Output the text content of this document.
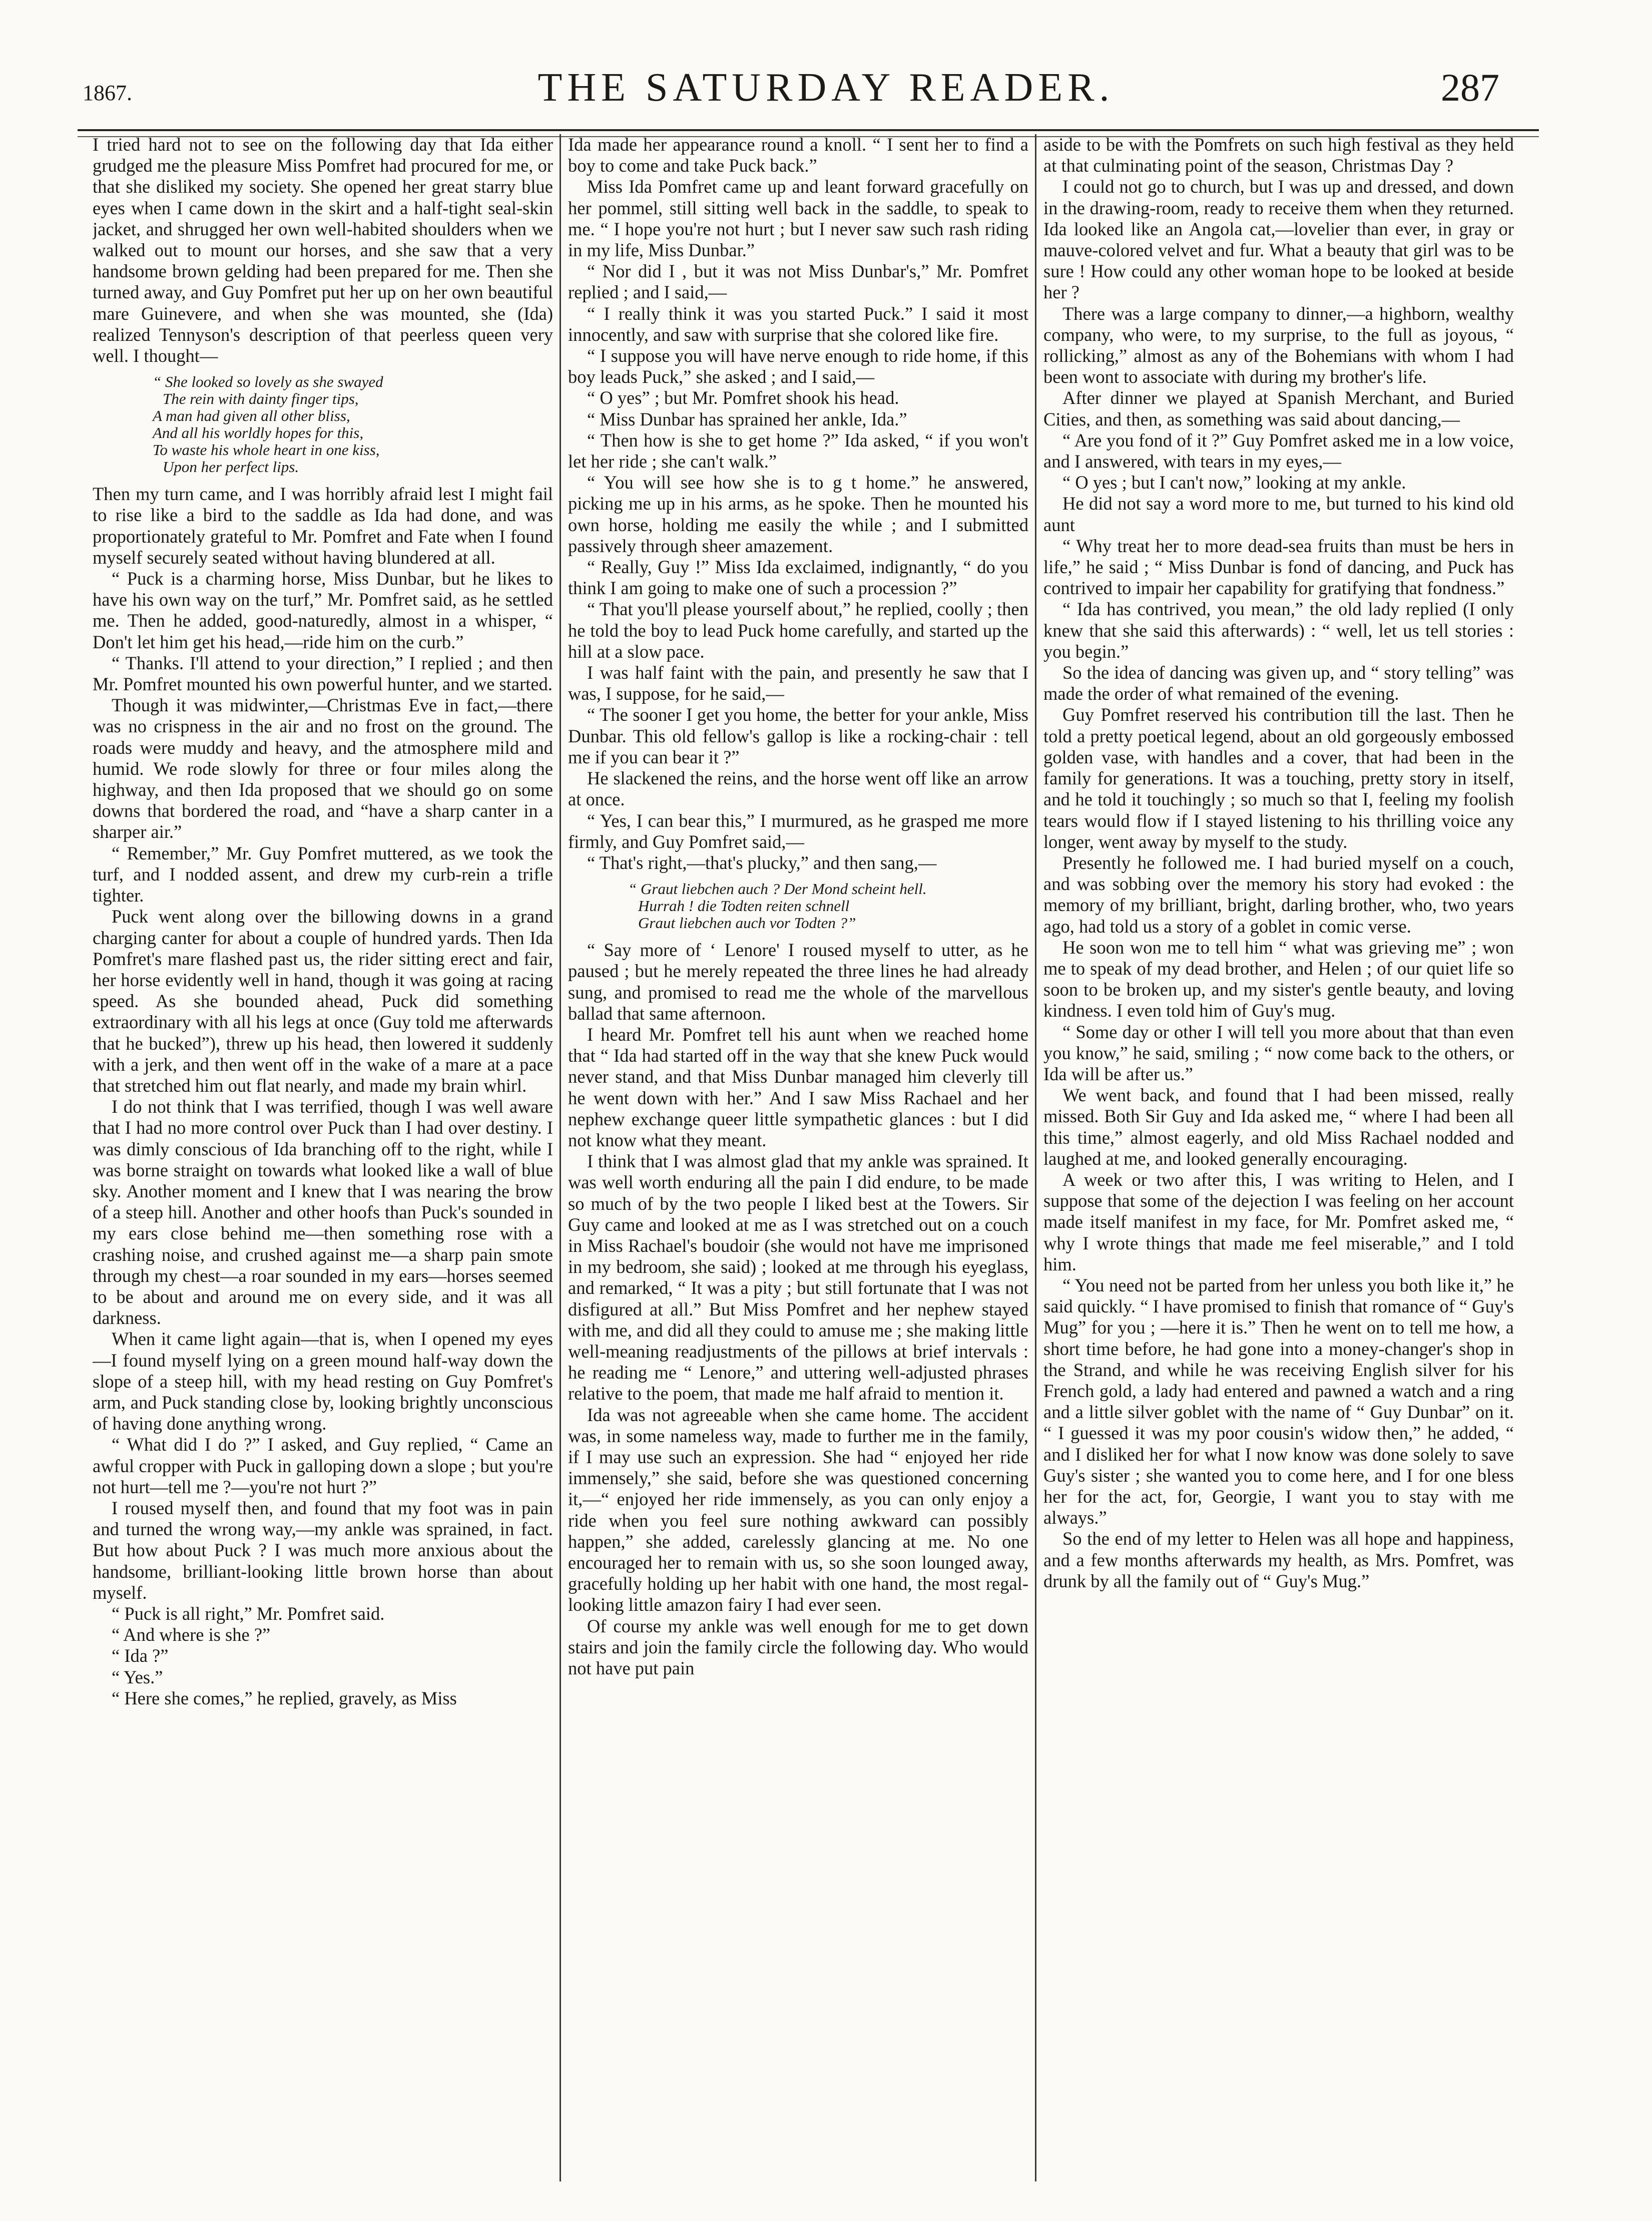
1867.	THE SATURDAY READER.	287

I tried hard not to see on the following day that Ida either grudged me the pleasure Miss Pomfret had procured for me, or that she disliked my society. She opened her great starry blue eyes when I came down in the skirt and a half-tight seal-skin jacket, and shrugged her own well-habited shoulders when we walked out to mount our horses, and she saw that a very handsome brown gelding had been prepared for me. Then she turned away, and Guy Pomfret put her up on her own beautiful mare Guinevere, and when she was mounted, she (Ida) realized Tennyson's description of that peerless queen very well. I thought—

“ She looked so lovely as she swayed
The rein with dainty finger tips,
A man had given all other bliss,
And all his worldly hopes for this,
To waste his whole heart in one kiss,
Upon her perfect lips.

Then my turn came, and I was horribly afraid lest I might fail to rise like a bird to the saddle as Ida had done, and was proportionately grateful to Mr. Pomfret and Fate when I found myself securely seated without having blundered at all.

“ Puck is a charming horse, Miss Dunbar, but he likes to have his own way on the turf,” Mr. Pomfret said, as he settled me. Then he added, good-naturedly, almost in a whisper, “ Don't let him get his head,—ride him on the curb.”

“ Thanks. I'll attend to your direction,” I replied ; and then Mr. Pomfret mounted his own powerful hunter, and we started.

Though it was midwinter,—Christmas Eve in fact,—there was no crispness in the air and no frost on the ground. The roads were muddy and heavy, and the atmosphere mild and humid. We rode slowly for three or four miles along the highway, and then Ida proposed that we should go on some downs that bordered the road, and “have a sharp canter in a sharper air.”

“ Remember,” Mr. Guy Pomfret muttered, as we took the turf, and I nodded assent, and drew my curb-rein a trifle tighter.

Puck went along over the billowing downs in a grand charging canter for about a couple of hundred yards. Then Ida Pomfret's mare flashed past us, the rider sitting erect and fair, her horse evidently well in hand, though it was going at racing speed. As she bounded ahead, Puck did something extraordinary with all his legs at once (Guy told me afterwards that he bucked”), threw up his head, then lowered it suddenly with a jerk, and then went off in the wake of a mare at a pace that stretched him out flat nearly, and made my brain whirl.

I do not think that I was terrified, though I was well aware that I had no more control over Puck than I had over destiny. I was dimly conscious of Ida branching off to the right, while I was borne straight on towards what looked like a wall of blue sky. Another moment and I knew that I was nearing the brow of a steep hill. Another and other hoofs than Puck's sounded in my ears close behind me—then something rose with a crashing noise, and crushed against me—a sharp pain smote through my chest—a roar sounded in my ears—horses seemed to be about and around me on every side, and it was all darkness.

When it came light again—that is, when I opened my eyes—I found myself lying on a green mound half-way down the slope of a steep hill, with my head resting on Guy Pomfret's arm, and Puck standing close by, looking brightly unconscious of having done anything wrong.

“ What did I do ?” I asked, and Guy replied, “ Came an awful cropper with Puck in galloping down a slope ; but you're not hurt—tell me ?—you're not hurt ?”

I roused myself then, and found that my foot was in pain and turned the wrong way,—my ankle was sprained, in fact. But how about Puck ? I was much more anxious about the handsome, brilliant-looking little brown horse than about myself.

“ Puck is all right,” Mr. Pomfret said.

“ And where is she ?”

“ Ida ?”

“ Yes.”

“ Here she comes,” he replied, gravely, as Miss

Ida made her appearance round a knoll. “ I sent her to find a boy to come and take Puck back.”

Miss Ida Pomfret came up and leant forward gracefully on her pommel, still sitting well back in the saddle, to speak to me. “ I hope you're not hurt ; but I never saw such rash riding in my life, Miss Dunbar.”

“ Nor did I , but it was not Miss Dunbar's,” Mr. Pomfret replied ; and I said,—

“ I really think it was you started Puck.” I said it most innocently, and saw with surprise that she colored like fire.

“ I suppose you will have nerve enough to ride home, if this boy leads Puck,” she asked ; and I said,—

“ O yes” ; but Mr. Pomfret shook his head.

“ Miss Dunbar has sprained her ankle, Ida.”

“ Then how is she to get home ?” Ida asked, “ if you won't let her ride ; she can't walk.”

“ You will see how she is to g t home.” he answered, picking me up in his arms, as he spoke. Then he mounted his own horse, holding me easily the while ; and I submitted passively through sheer amazement.

“ Really, Guy !” Miss Ida exclaimed, indignantly, “ do you think I am going to make one of such a procession ?”

“ That you'll please yourself about,” he replied, coolly ; then he told the boy to lead Puck home carefully, and started up the hill at a slow pace.

I was half faint with the pain, and presently he saw that I was, I suppose, for he said,—

“ The sooner I get you home, the better for your ankle, Miss Dunbar. This old fellow's gallop is like a rocking-chair : tell me if you can bear it ?”

He slackened the reins, and the horse went off like an arrow at once.

“ Yes, I can bear this,” I murmured, as he grasped me more firmly, and Guy Pomfret said,—

“ That's right,—that's plucky,” and then sang,—

“ Graut liebchen auch ? Der Mond scheint hell.
Hurrah ! die Todten reiten schnell
Graut liebchen auch vor Todten ?”

“ Say more of ‘ Lenore' I roused myself to utter, as he paused ; but he merely repeated the three lines he had already sung, and promised to read me the whole of the marvellous ballad that same afternoon.

I heard Mr. Pomfret tell his aunt when we reached home that “ Ida had started off in the way that she knew Puck would never stand, and that Miss Dunbar managed him cleverly till he went down with her.” And I saw Miss Rachael and her nephew exchange queer little sympathetic glances : but I did not know what they meant.

I think that I was almost glad that my ankle was sprained. It was well worth enduring all the pain I did endure, to be made so much of by the two people I liked best at the Towers. Sir Guy came and looked at me as I was stretched out on a couch in Miss Rachael's boudoir (she would not have me imprisoned in my bedroom, she said) ; looked at me through his eyeglass, and remarked, “ It was a pity ; but still fortunate that I was not disfigured at all.” But Miss Pomfret and her nephew stayed with me, and did all they could to amuse me ; she making little well-meaning readjustments of the pillows at brief intervals : he reading me “ Lenore,” and uttering well-adjusted phrases relative to the poem, that made me half afraid to mention it.

Ida was not agreeable when she came home. The accident was, in some nameless way, made to further me in the family, if I may use such an expression. She had “ enjoyed her ride immensely,” she said, before she was questioned concerning it,—“ enjoyed her ride immensely, as you can only enjoy a ride when you feel sure nothing awkward can possibly happen,” she added, carelessly glancing at me. No one encouraged her to remain with us, so she soon lounged away, gracefully holding up her habit with one hand, the most regal-looking little amazon fairy I had ever seen.

Of course my ankle was well enough for me to get down stairs and join the family circle the following day. Who would not have put pain

aside to be with the Pomfrets on such high festival as they held at that culminating point of the season, Christmas Day ?

I could not go to church, but I was up and dressed, and down in the drawing-room, ready to receive them when they returned. Ida looked like an Angola cat,—lovelier than ever, in gray or mauve-colored velvet and fur. What a beauty that girl was to be sure ! How could any other woman hope to be looked at beside her ?

There was a large company to dinner,—a highborn, wealthy company, who were, to my surprise, to the full as joyous, “ rollicking,” almost as any of the Bohemians with whom I had been wont to associate with during my brother's life.

After dinner we played at Spanish Merchant, and Buried Cities, and then, as something was said about dancing,—

“ Are you fond of it ?” Guy Pomfret asked me in a low voice, and I answered, with tears in my eyes,—

“ O yes ; but I can't now,” looking at my ankle.

He did not say a word more to me, but turned to his kind old aunt

“ Why treat her to more dead-sea fruits than must be hers in life,” he said ; “ Miss Dunbar is fond of dancing, and Puck has contrived to impair her capability for gratifying that fondness.”

“ Ida has contrived, you mean,” the old lady replied (I only knew that she said this afterwards) : “ well, let us tell stories : you begin.”

So the idea of dancing was given up, and “ story telling” was made the order of what remained of the evening.

Guy Pomfret reserved his contribution till the last. Then he told a pretty poetical legend, about an old gorgeously embossed golden vase, with handles and a cover, that had been in the family for generations. It was a touching, pretty story in itself, and he told it touchingly ; so much so that I, feeling my foolish tears would flow if I stayed listening to his thrilling voice any longer, went away by myself to the study.

Presently he followed me. I had buried myself on a couch, and was sobbing over the memory his story had evoked : the memory of my brilliant, bright, darling brother, who, two years ago, had told us a story of a goblet in comic verse.

He soon won me to tell him “ what was grieving me” ; won me to speak of my dead brother, and Helen ; of our quiet life so soon to be broken up, and my sister's gentle beauty, and loving kindness. I even told him of Guy's mug.

“ Some day or other I will tell you more about that than even you know,” he said, smiling ; “ now come back to the others, or Ida will be after us.”

We went back, and found that I had been missed, really missed. Both Sir Guy and Ida asked me, “ where I had been all this time,” almost eagerly, and old Miss Rachael nodded and laughed at me, and looked generally encouraging.

A week or two after this, I was writing to Helen, and I suppose that some of the dejection I was feeling on her account made itself manifest in my face, for Mr. Pomfret asked me, “ why I wrote things that made me feel miserable,” and I told him.

“ You need not be parted from her unless you both like it,” he said quickly. “ I have promised to finish that romance of “ Guy's Mug” for you ; —here it is.” Then he went on to tell me how, a short time before, he had gone into a money-changer's shop in the Strand, and while he was receiving English silver for his French gold, a lady had entered and pawned a watch and a ring and a little silver goblet with the name of “ Guy Dunbar” on it. “ I guessed it was my poor cousin's widow then,” he added, “ and I disliked her for what I now know was done solely to save Guy's sister ; she wanted you to come here, and I for one bless her for the act, for, Georgie, I want you to stay with me always.”

So the end of my letter to Helen was all hope and happiness, and a few months afterwards my health, as Mrs. Pomfret, was drunk by all the family out of “ Guy's Mug.”
